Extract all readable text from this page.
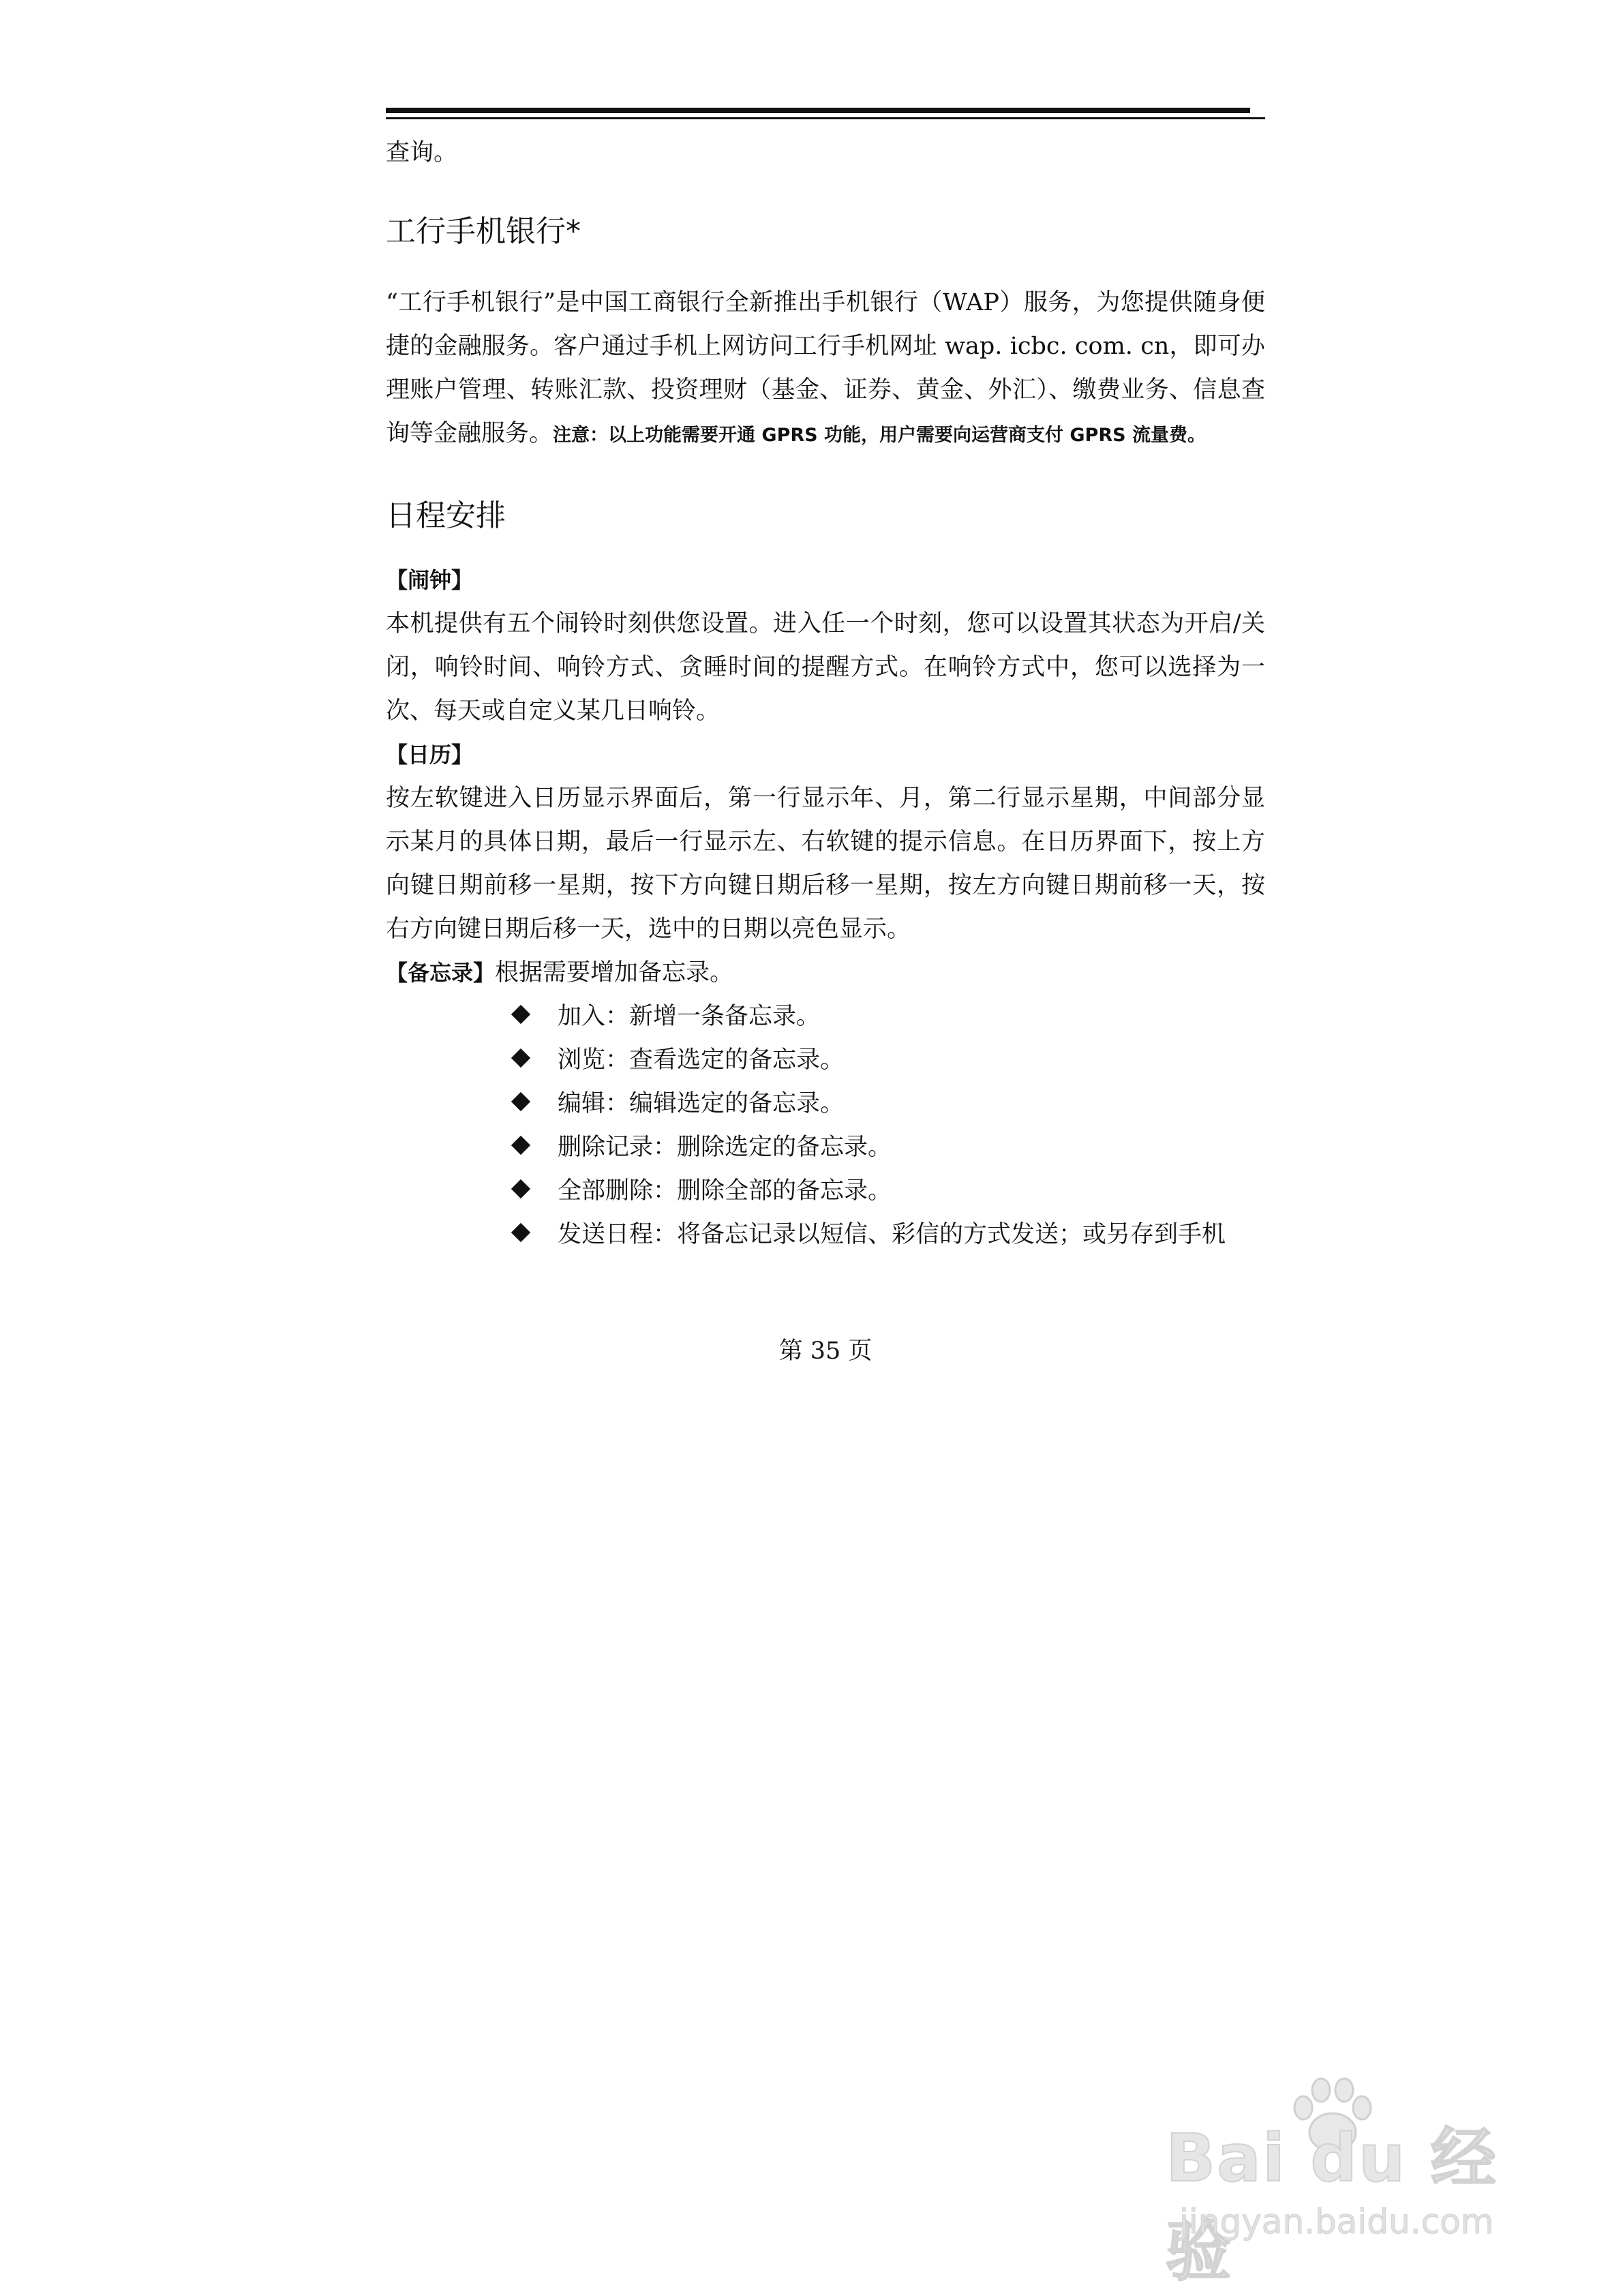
查询。

工行手机银行*

“工行手机银行”是中国工商银行全新推出手机银行（WAP）服务，为您提供随身便捷的金融服务。客户通过手机上网访问工行手机网址 wap. icbc. com. cn，即可办理账户管理、转账汇款、投资理财（基金、证券、黄金、外汇）、缴费业务、信息查询等金融服务。注意：以上功能需要开通 GPRS 功能，用户需要向运营商支付 GPRS 流量费。

日程安排

【闹钟】

本机提供有五个闹铃时刻供您设置。进入任一个时刻，您可以设置其状态为开启/关闭，响铃时间、响铃方式、贪睡时间的提醒方式。在响铃方式中，您可以选择为一次、每天或自定义某几日响铃。

【日历】

按左软键进入日历显示界面后，第一行显示年、月，第二行显示星期，中间部分显示某月的具体日期，最后一行显示左、右软键的提示信息。在日历界面下，按上方向键日期前移一星期，按下方向键日期后移一星期，按左方向键日期前移一天，按右方向键日期后移一天，选中的日期以亮色显示。

【备忘录】根据需要增加备忘录。

加入：新增一条备忘录。
浏览：查看选定的备忘录。
编辑：编辑选定的备忘录。
删除记录：删除选定的备忘录。
全部删除：删除全部的备忘录。
发送日程：将备忘记录以短信、彩信的方式发送；或另存到手机
第 35 页
Bai du 经验
jingyan.baidu.com
